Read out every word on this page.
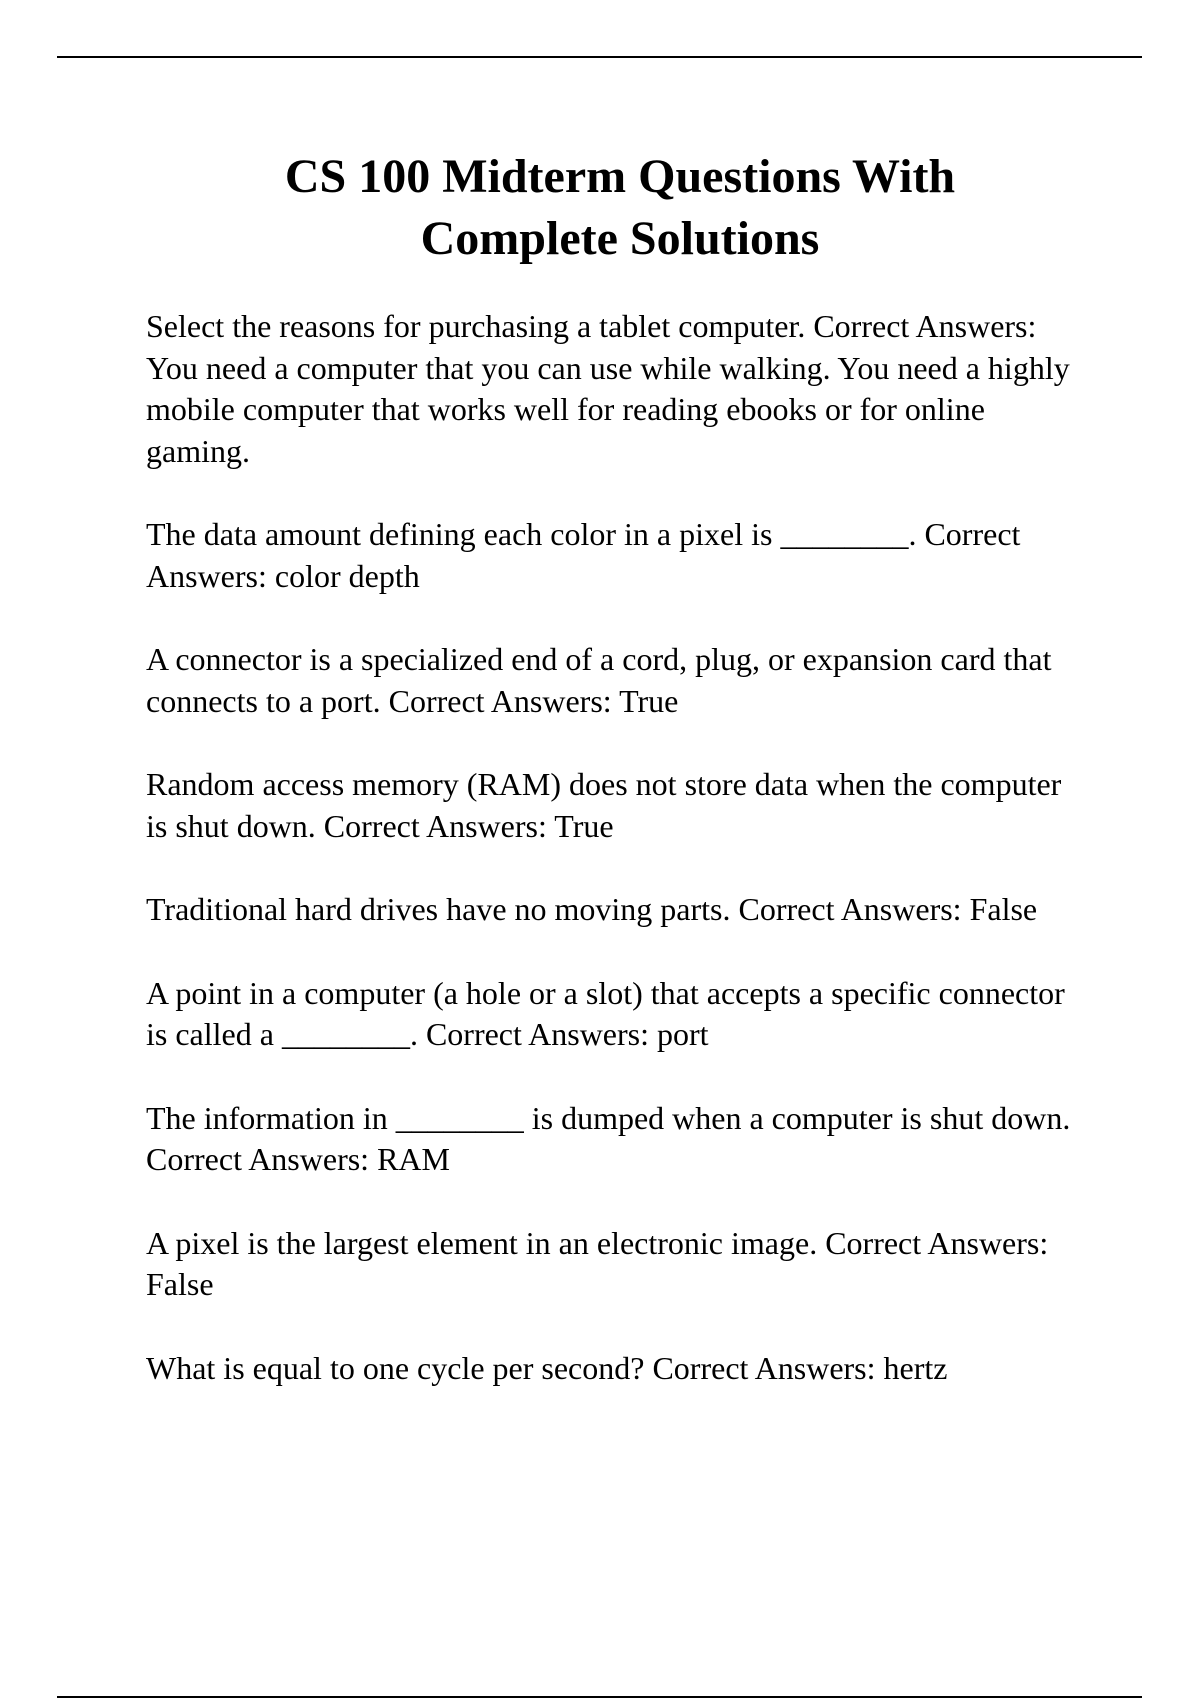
CS 100 Midterm Questions With
Complete Solutions

Select the reasons for purchasing a tablet computer. Correct Answers: You need a computer that you can use while walking. You need a highly mobile computer that works well for reading ebooks or for online gaming.

The data amount defining each color in a pixel is ________. Correct Answers: color depth

A connector is a specialized end of a cord, plug, or expansion card that connects to a port. Correct Answers: True

Random access memory (RAM) does not store data when the computer is shut down. Correct Answers: True

Traditional hard drives have no moving parts. Correct Answers: False

A point in a computer (a hole or a slot) that accepts a specific connector is called a ________. Correct Answers: port

The information in ________ is dumped when a computer is shut down. Correct Answers: RAM

A pixel is the largest element in an electronic image. Correct Answers: False

What is equal to one cycle per second? Correct Answers: hertz
